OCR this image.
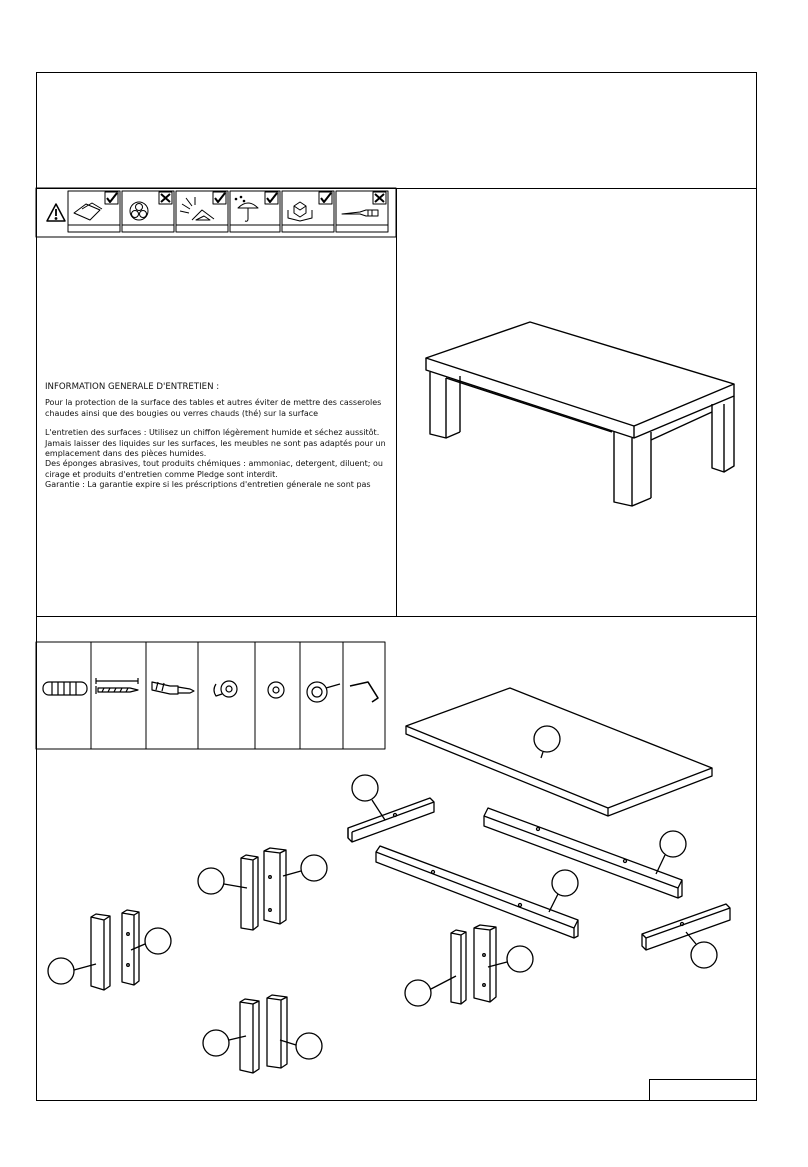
INFORMATION GENERALE D'ENTRETIEN :

Pour la protection de la surface des tables et autres éviter de mettre des casseroles chaudes ainsi que des bougies ou verres chauds (thé) sur la surface

L'entretien des surfaces : Utilisez un chiffon légèrement humide et séchez aussitôt.

Jamais laisser des liquides sur les surfaces, les meubles ne sont pas adaptés pour un emplacement dans des pièces humides.

Des éponges abrasives, tout produits chémiques : ammoniac, detergent, diluent; ou cirage et produits d'entretien comme Pledge sont interdit.

Garantie : La garantie expire si les préscriptions d'entretien génerale ne sont pas
